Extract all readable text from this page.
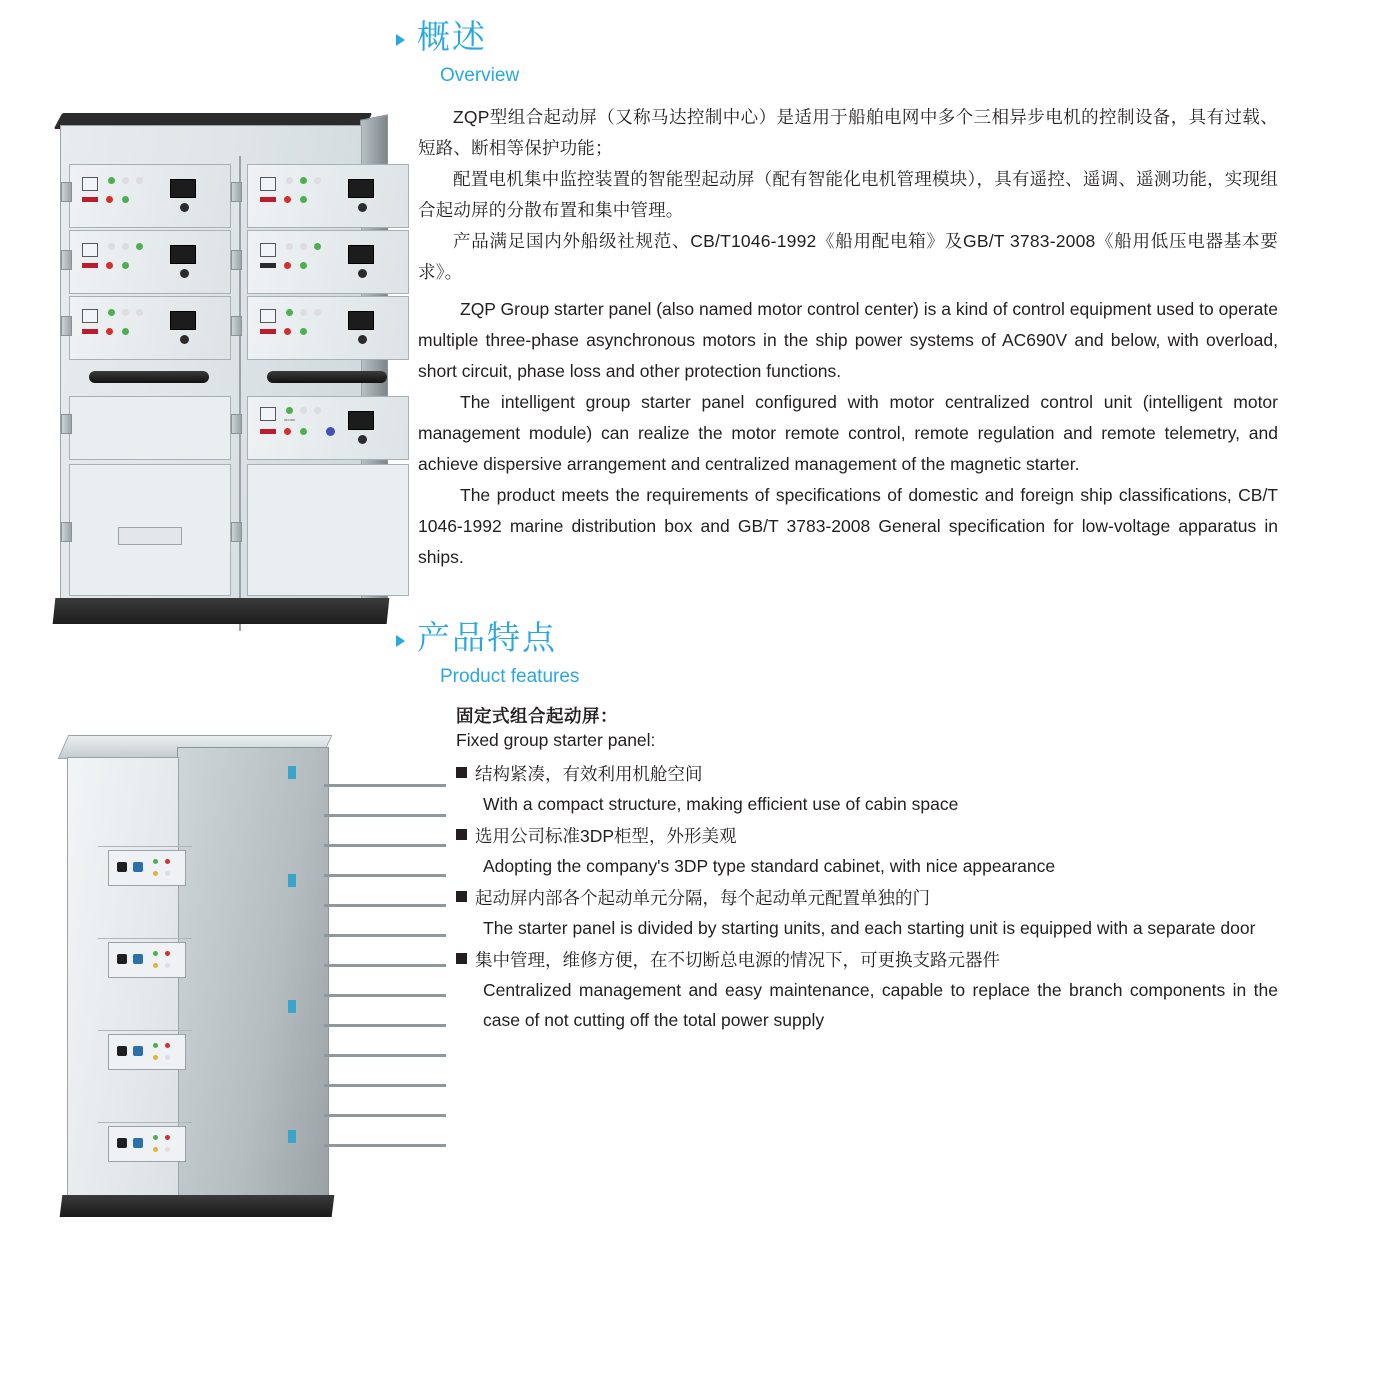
ON OFF
概述
Overview

ZQP型组合起动屏（又称马达控制中心）是适用于船舶电网中多个三相异步电机的控制设备，具有过载、短路、断相等保护功能；

配置电机集中监控装置的智能型起动屏（配有智能化电机管理模块），具有遥控、遥调、遥测功能，实现组合起动屏的分散布置和集中管理。

产品满足国内外船级社规范、CB/T1046-1992《船用配电箱》及GB/T 3783-2008《船用低压电器基本要求》。

ZQP Group starter panel (also named motor control center) is a kind of control equipment used to operate multiple three-phase asynchronous motors in the ship power systems of AC690V and below, with overload, short circuit, phase loss and other protection functions.

The intelligent group starter panel configured with motor centralized control unit (intelligent motor management module) can realize the motor remote control, remote regulation and remote telemetry, and achieve dispersive arrangement and centralized management of the magnetic starter.

The product meets the requirements of specifications of domestic and foreign ship classifications, CB/T 1046-1992 marine distribution box and GB/T 3783-2008 General specification for low-voltage apparatus in ships.

产品特点
Product features

固定式组合起动屏：

Fixed group starter panel:

结构紧凑，有效利用机舱空间

With a compact structure, making efficient use of cabin space

选用公司标准3DP柜型，外形美观

Adopting the company's 3DP type standard cabinet, with nice appearance

起动屏内部各个起动单元分隔，每个起动单元配置单独的门

The starter panel is divided by starting units, and each starting unit is equipped with a separate door

集中管理，维修方便，在不切断总电源的情况下，可更换支路元器件

Centralized management and easy maintenance, capable to replace the branch components in the case of not cutting off the total power supply
